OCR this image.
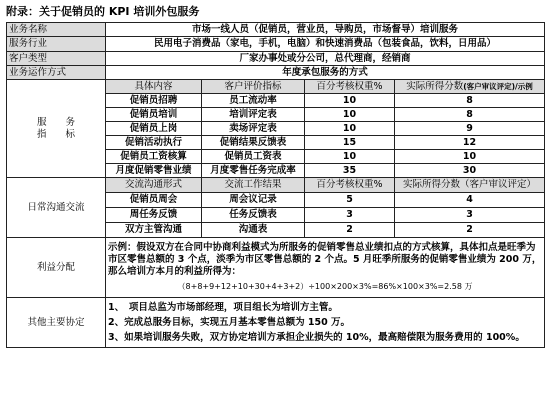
附录：关于促销员的 KPI 培训外包服务
业务名称	市场一线人员（促销员，营业员，导购员，市场督导）培训服务			
服务行业	民用电子消费品（家电，手机，电脑）和快速消费品（包装食品，饮料，日用品）			
客户类型	厂家办事处或分公司，总代理商，经销商			
业务运作方式	年度承包服务的方式			

服　　务
指　　标	具体内容	客户评价指标	百分考核权重%	实际所得分数(客户审议评定)/示例
	促销员招聘	员工流动率	10	8
	促销员培训	培训评定表	10	8
	促销员上岗	卖场评定表	10	9
	促销活动执行	促销结果反馈表	15	12
	促销员工资核算	促销员工资表	10	10
	月度促销零售业绩	月度零售任务完成率	35	30
日常沟通交流	交流沟通形式	交流工作结果	百分考核权重%	实际所得分数（客户审议评定）
	促销员周会	周会议记录	5	4
	周任务反馈	任务反馈表	3	3
	双方主管沟通	沟通表	2	2
利益分配	示例：假设双方在合同中协商利益模式为所服务的促销零售总业绩扣点的方式核算，具体扣点是旺季为市区零售总额的 3 个点，淡季为市区零售总额的 2 个点。5 月旺季所服务的促销零售业绩为 200 万，那么培训方本月的利益所得为：
（8+8+9+12+10+30+4+3+2）÷100×200×3%=86%×100×3%=2.58 万			

其他主要协定	1、　项目总监为市场部经理，项目组长为培训方主管。
2、完成总服务目标，实现五月基本零售总额为 150 万。
3、如果培训服务失败，双方协定培训方承担企业损失的 10%，最高赔偿限为服务费用的 100%。			
